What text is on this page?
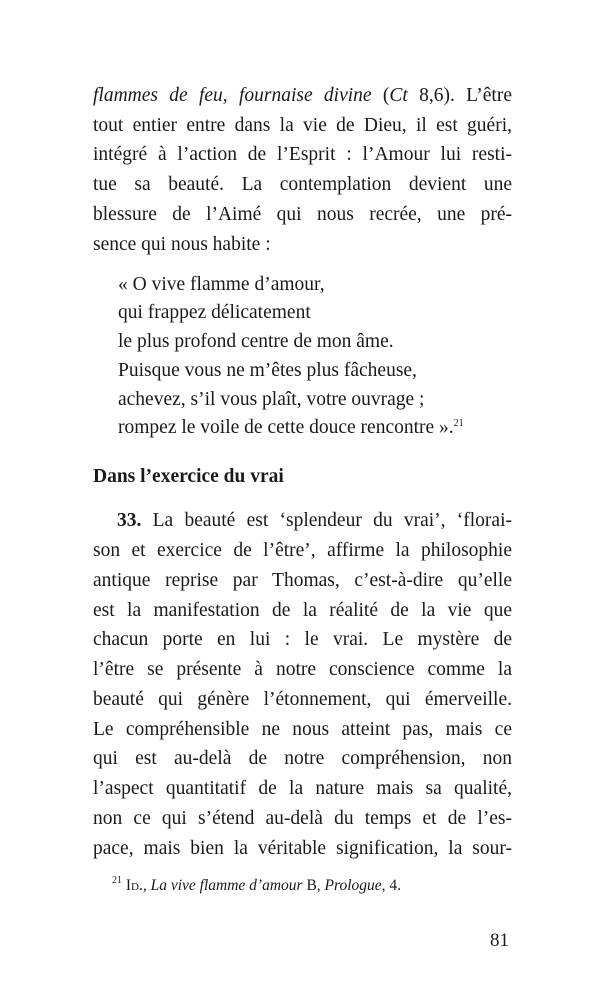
flammes de feu, fournaise divine (Ct 8,6). L’être
tout entier entre dans la vie de Dieu, il est guéri,
intégré à l’action de l’Esprit : l’Amour lui resti-
tue sa beauté. La contemplation devient une
blessure de l’Aimé qui nous recrée, une pré-
sence qui nous habite :
« O vive flamme d’amour,
qui frappez délicatement
le plus profond centre de mon âme.
Puisque vous ne m’êtes plus fâcheuse,
achevez, s’il vous plaît, votre ouvrage ;
rompez le voile de cette douce rencontre ».$^{21}$
Dans l’exercice du vrai
33. La beauté est ‘splendeur du vrai’, ‘florai-
son et exercice de l’être’, affirme la philosophie
antique reprise par Thomas, c’est-à-dire qu’elle
est la manifestation de la réalité de la vie que
chacun porte en lui : le vrai. Le mystère de
l’être se présente à notre conscience comme la
beauté qui génère l’étonnement, qui émerveille.
Le compréhensible ne nous atteint pas, mais ce
qui est au-delà de notre compréhension, non
l’aspect quantitatif de la nature mais sa qualité,
non ce qui s’étend au-delà du temps et de l’es-
pace, mais bien la véritable signification, la sour-
$^{21}$ Id., La vive flamme d’amour B, Prologue, 4.
81
